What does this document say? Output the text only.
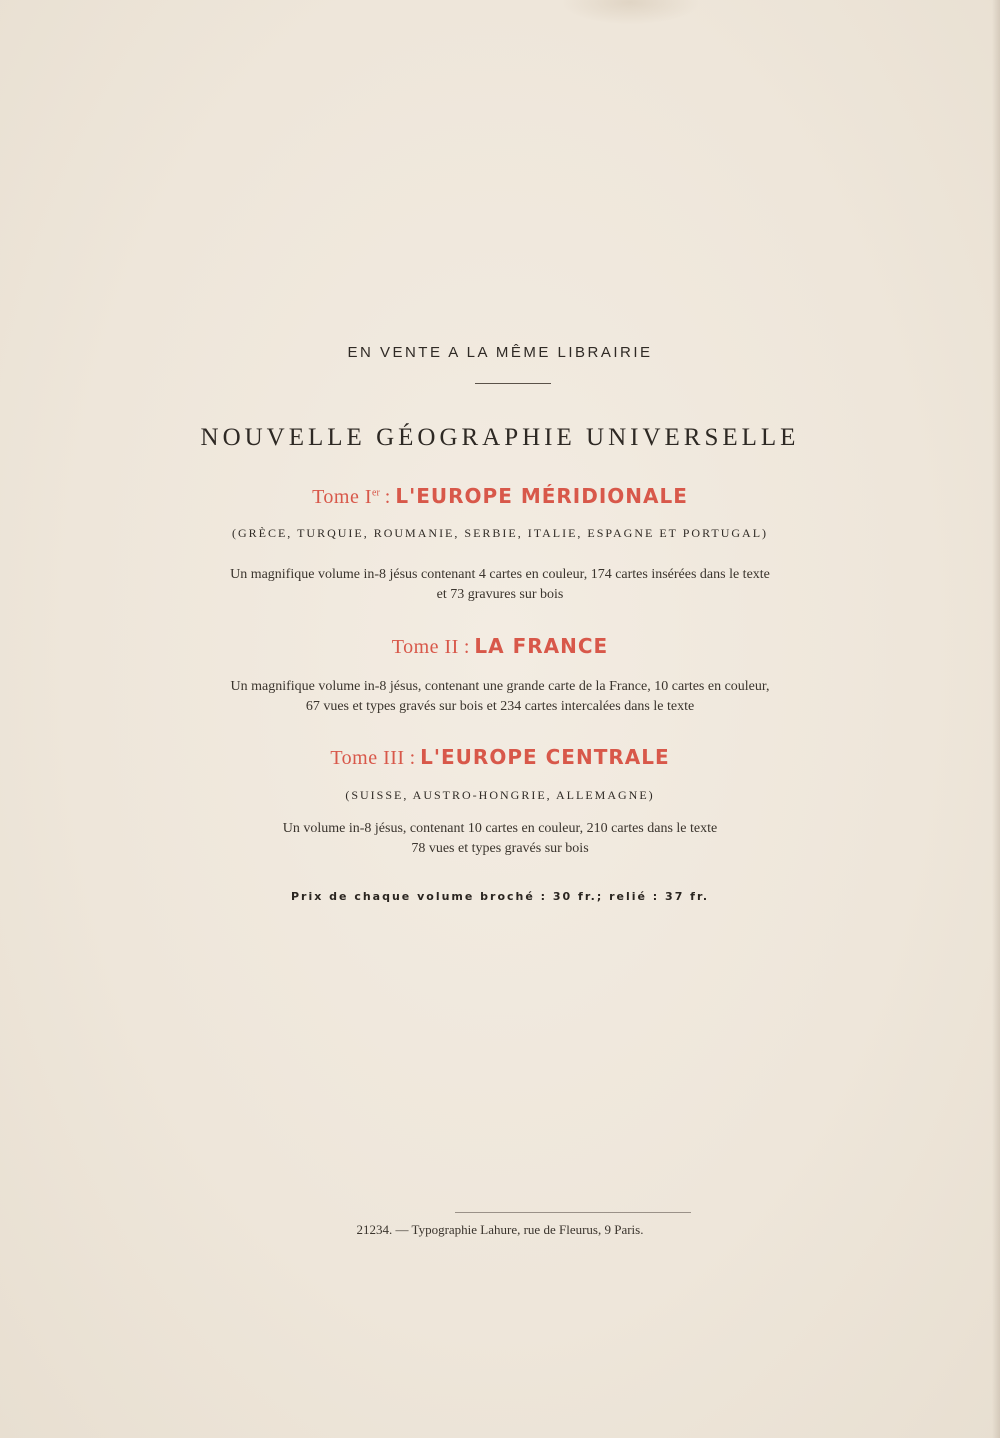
EN VENTE A LA MÊME LIBRAIRIE
NOUVELLE GÉOGRAPHIE UNIVERSELLE
Tome Ier : L'EUROPE MÉRIDIONALE
(GRÈCE, TURQUIE, ROUMANIE, SERBIE, ITALIE, ESPAGNE ET PORTUGAL)
Un magnifique volume in-8 jésus contenant 4 cartes en couleur, 174 cartes insérées dans le texte
et 73 gravures sur bois
Tome II : LA FRANCE
Un magnifique volume in-8 jésus, contenant une grande carte de la France, 10 cartes en couleur,
67 vues et types gravés sur bois et 234 cartes intercalées dans le texte
Tome III : L'EUROPE CENTRALE
(SUISSE, AUSTRO-HONGRIE, ALLEMAGNE)
Un volume in-8 jésus, contenant 10 cartes en couleur, 210 cartes dans le texte
78 vues et types gravés sur bois
Prix de chaque volume broché : 30 fr.; relié : 37 fr.
21234. — Typographie Lahure, rue de Fleurus, 9 Paris.
